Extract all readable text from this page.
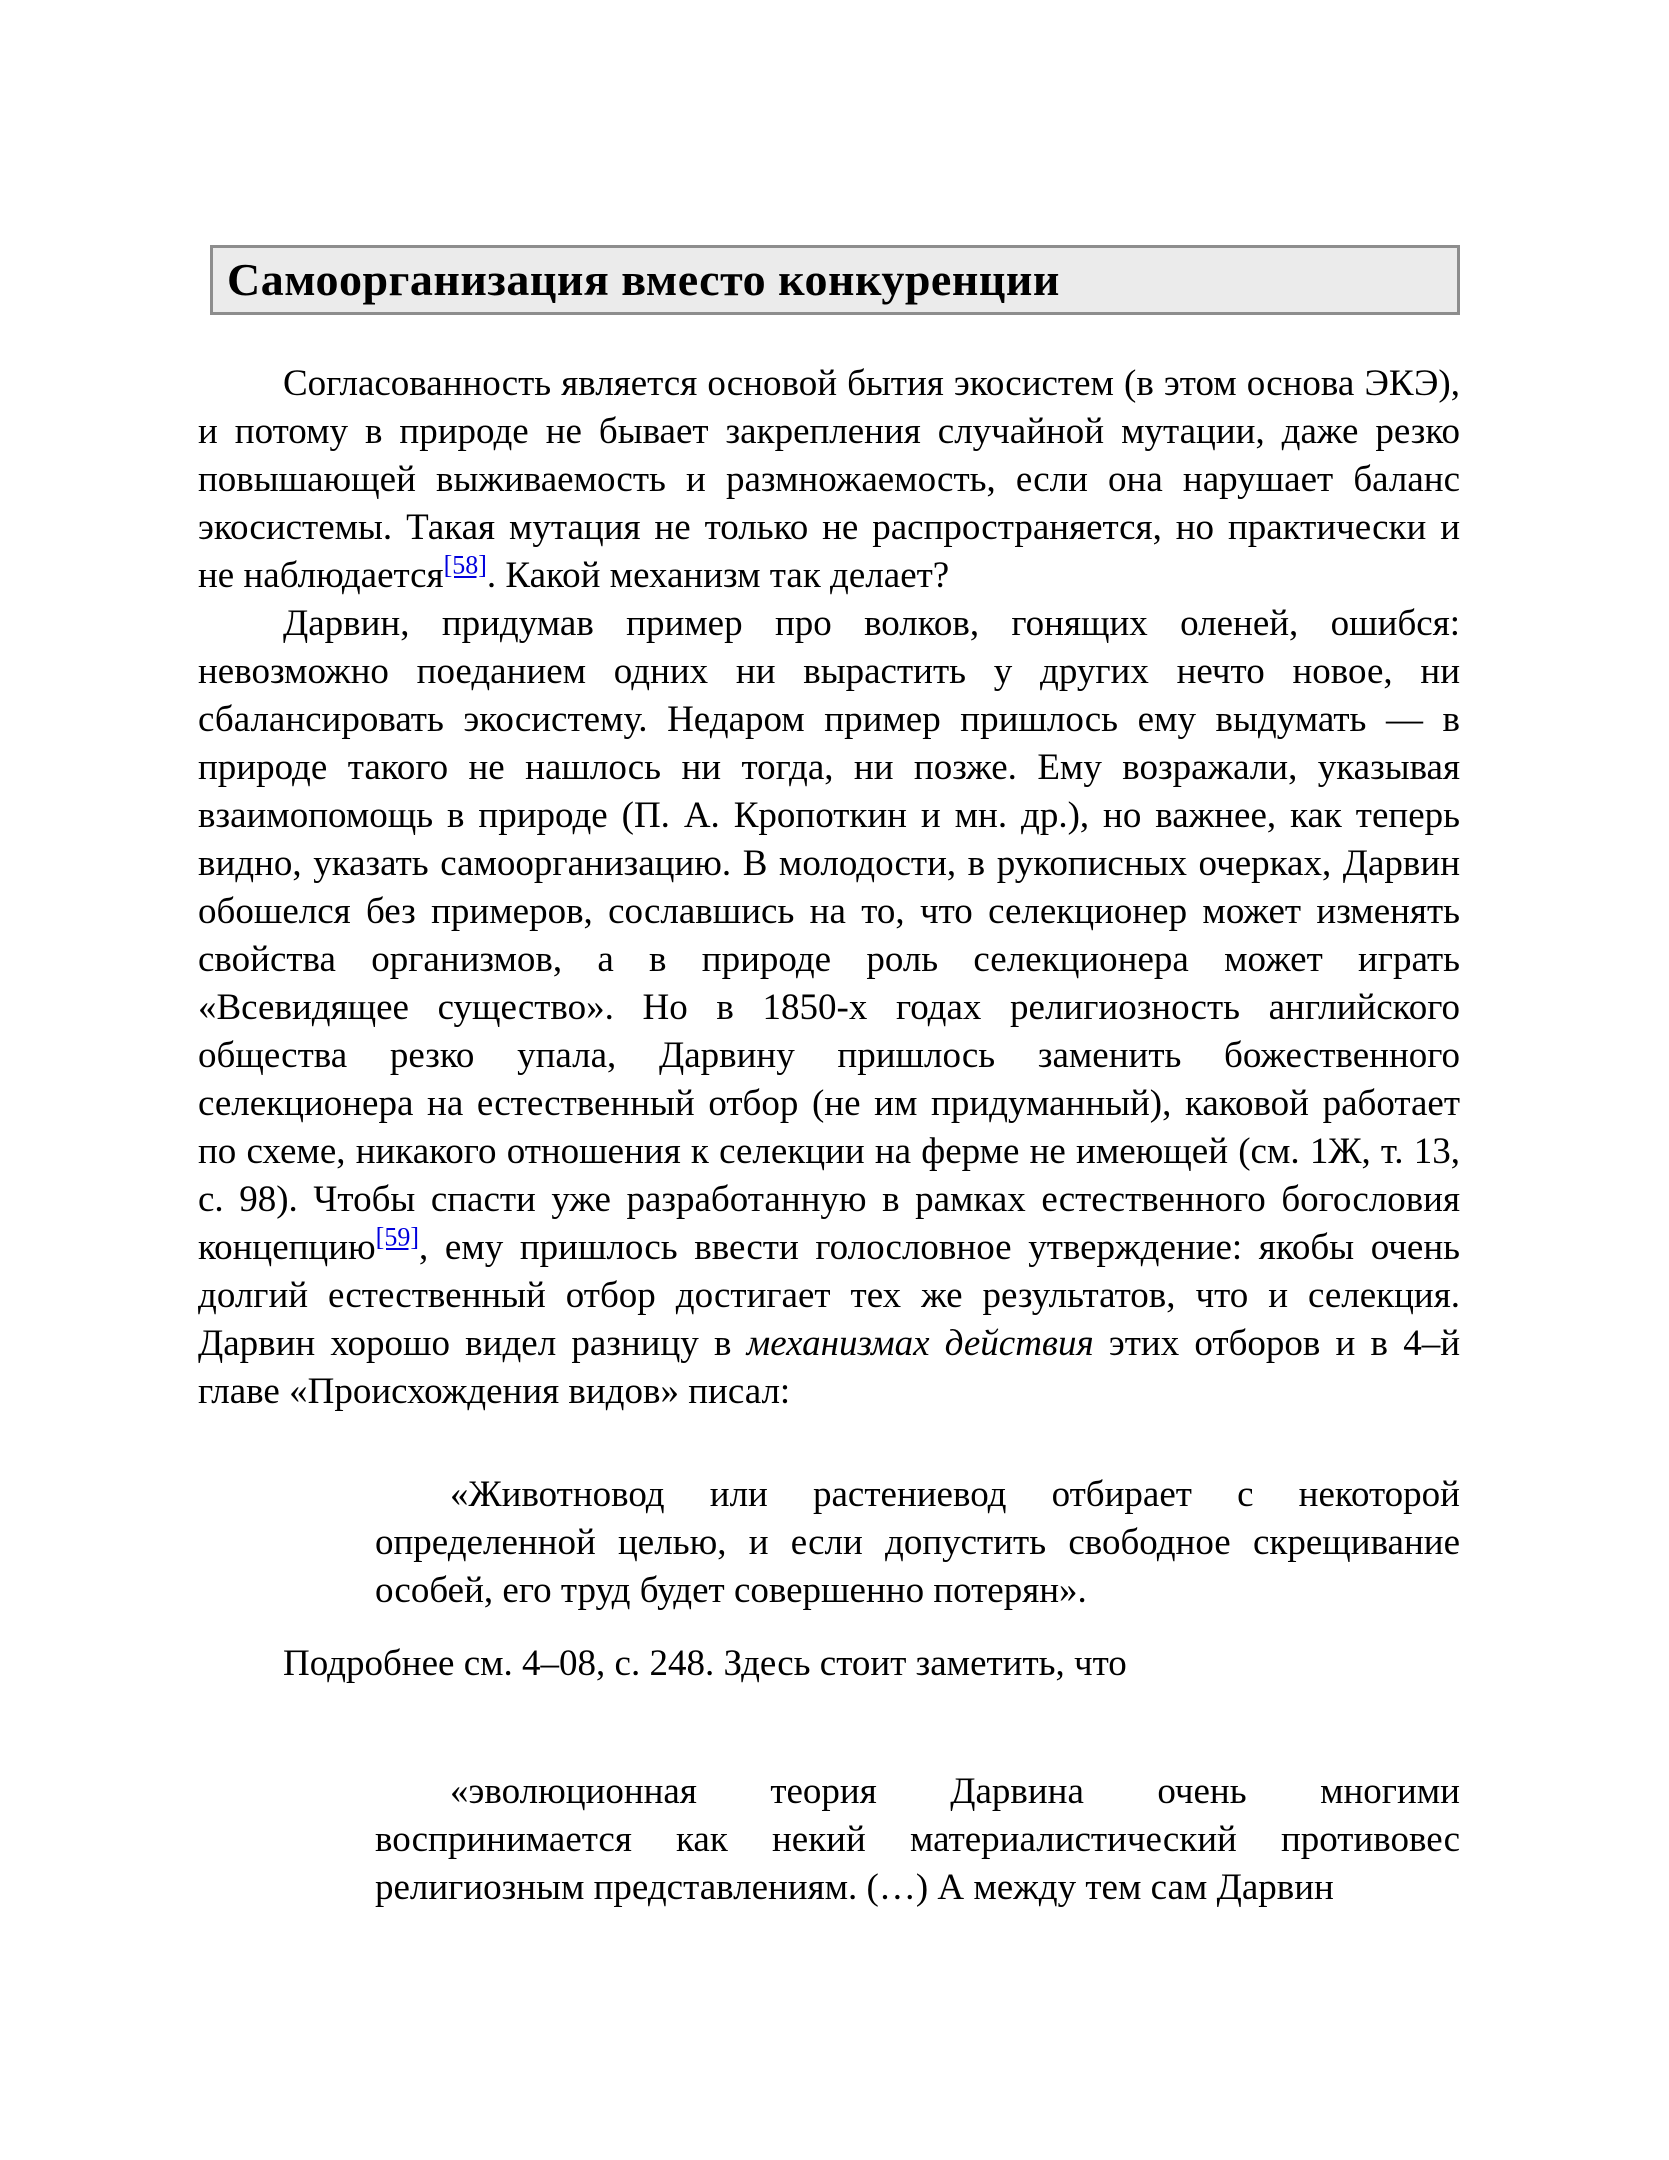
Самоорганизация вместо конкуренции

Согласованность является основой бытия экосистем (в этом основа ЭКЭ), и потому в природе не бывает закрепления случайной мутации, даже резко повышающей выживаемость и размножаемость, если она нарушает баланс экосистемы. Такая мутация не только не распространяется, но практически и не наблюдается[58]. Какой механизм так делает?

Дарвин, придумав пример про волков, гонящих оленей, ошибся: невозможно поеданием одних ни вырастить у других нечто новое, ни сбалансировать экосистему. Недаром пример пришлось ему выдумать — в природе такого не нашлось ни тогда, ни позже. Ему возражали, указывая взаимопомощь в природе (П. А. Кропоткин и мн. др.), но важнее, как теперь видно, указать самоорганизацию. В молодости, в рукописных очерках, Дарвин обошелся без примеров, сославшись на то, что селекционер может изменять свойства организмов, а в природе роль селекционера может играть «Всевидящее существо». Но в 1850-х годах религиозность английского общества резко упала, Дарвину пришлось заменить божественного селекционера на естественный отбор (не им придуманный), каковой работает по схеме, никакого отношения к селекции на ферме не имеющей (см. 1Ж, т. 13, с. 98). Чтобы спасти уже разработанную в рамках естественного богословия концепцию[59], ему пришлось ввести голословное утверждение: якобы очень долгий естественный отбор достигает тех же результатов, что и селекция. Дарвин хорошо видел разницу в механизмах действия этих отборов и в 4–й главе «Происхождения видов» писал:

«Животновод или растениевод отбирает с некоторой определенной целью, и если допустить свободное скрещивание особей, его труд будет совершенно потерян».

Подробнее см. 4–08, с. 248. Здесь стоит заметить, что

«эволюционная теория Дарвина очень многими воспринимается как некий материалистический противовес религиозным представлениям. (…) А между тем сам Дарвин
